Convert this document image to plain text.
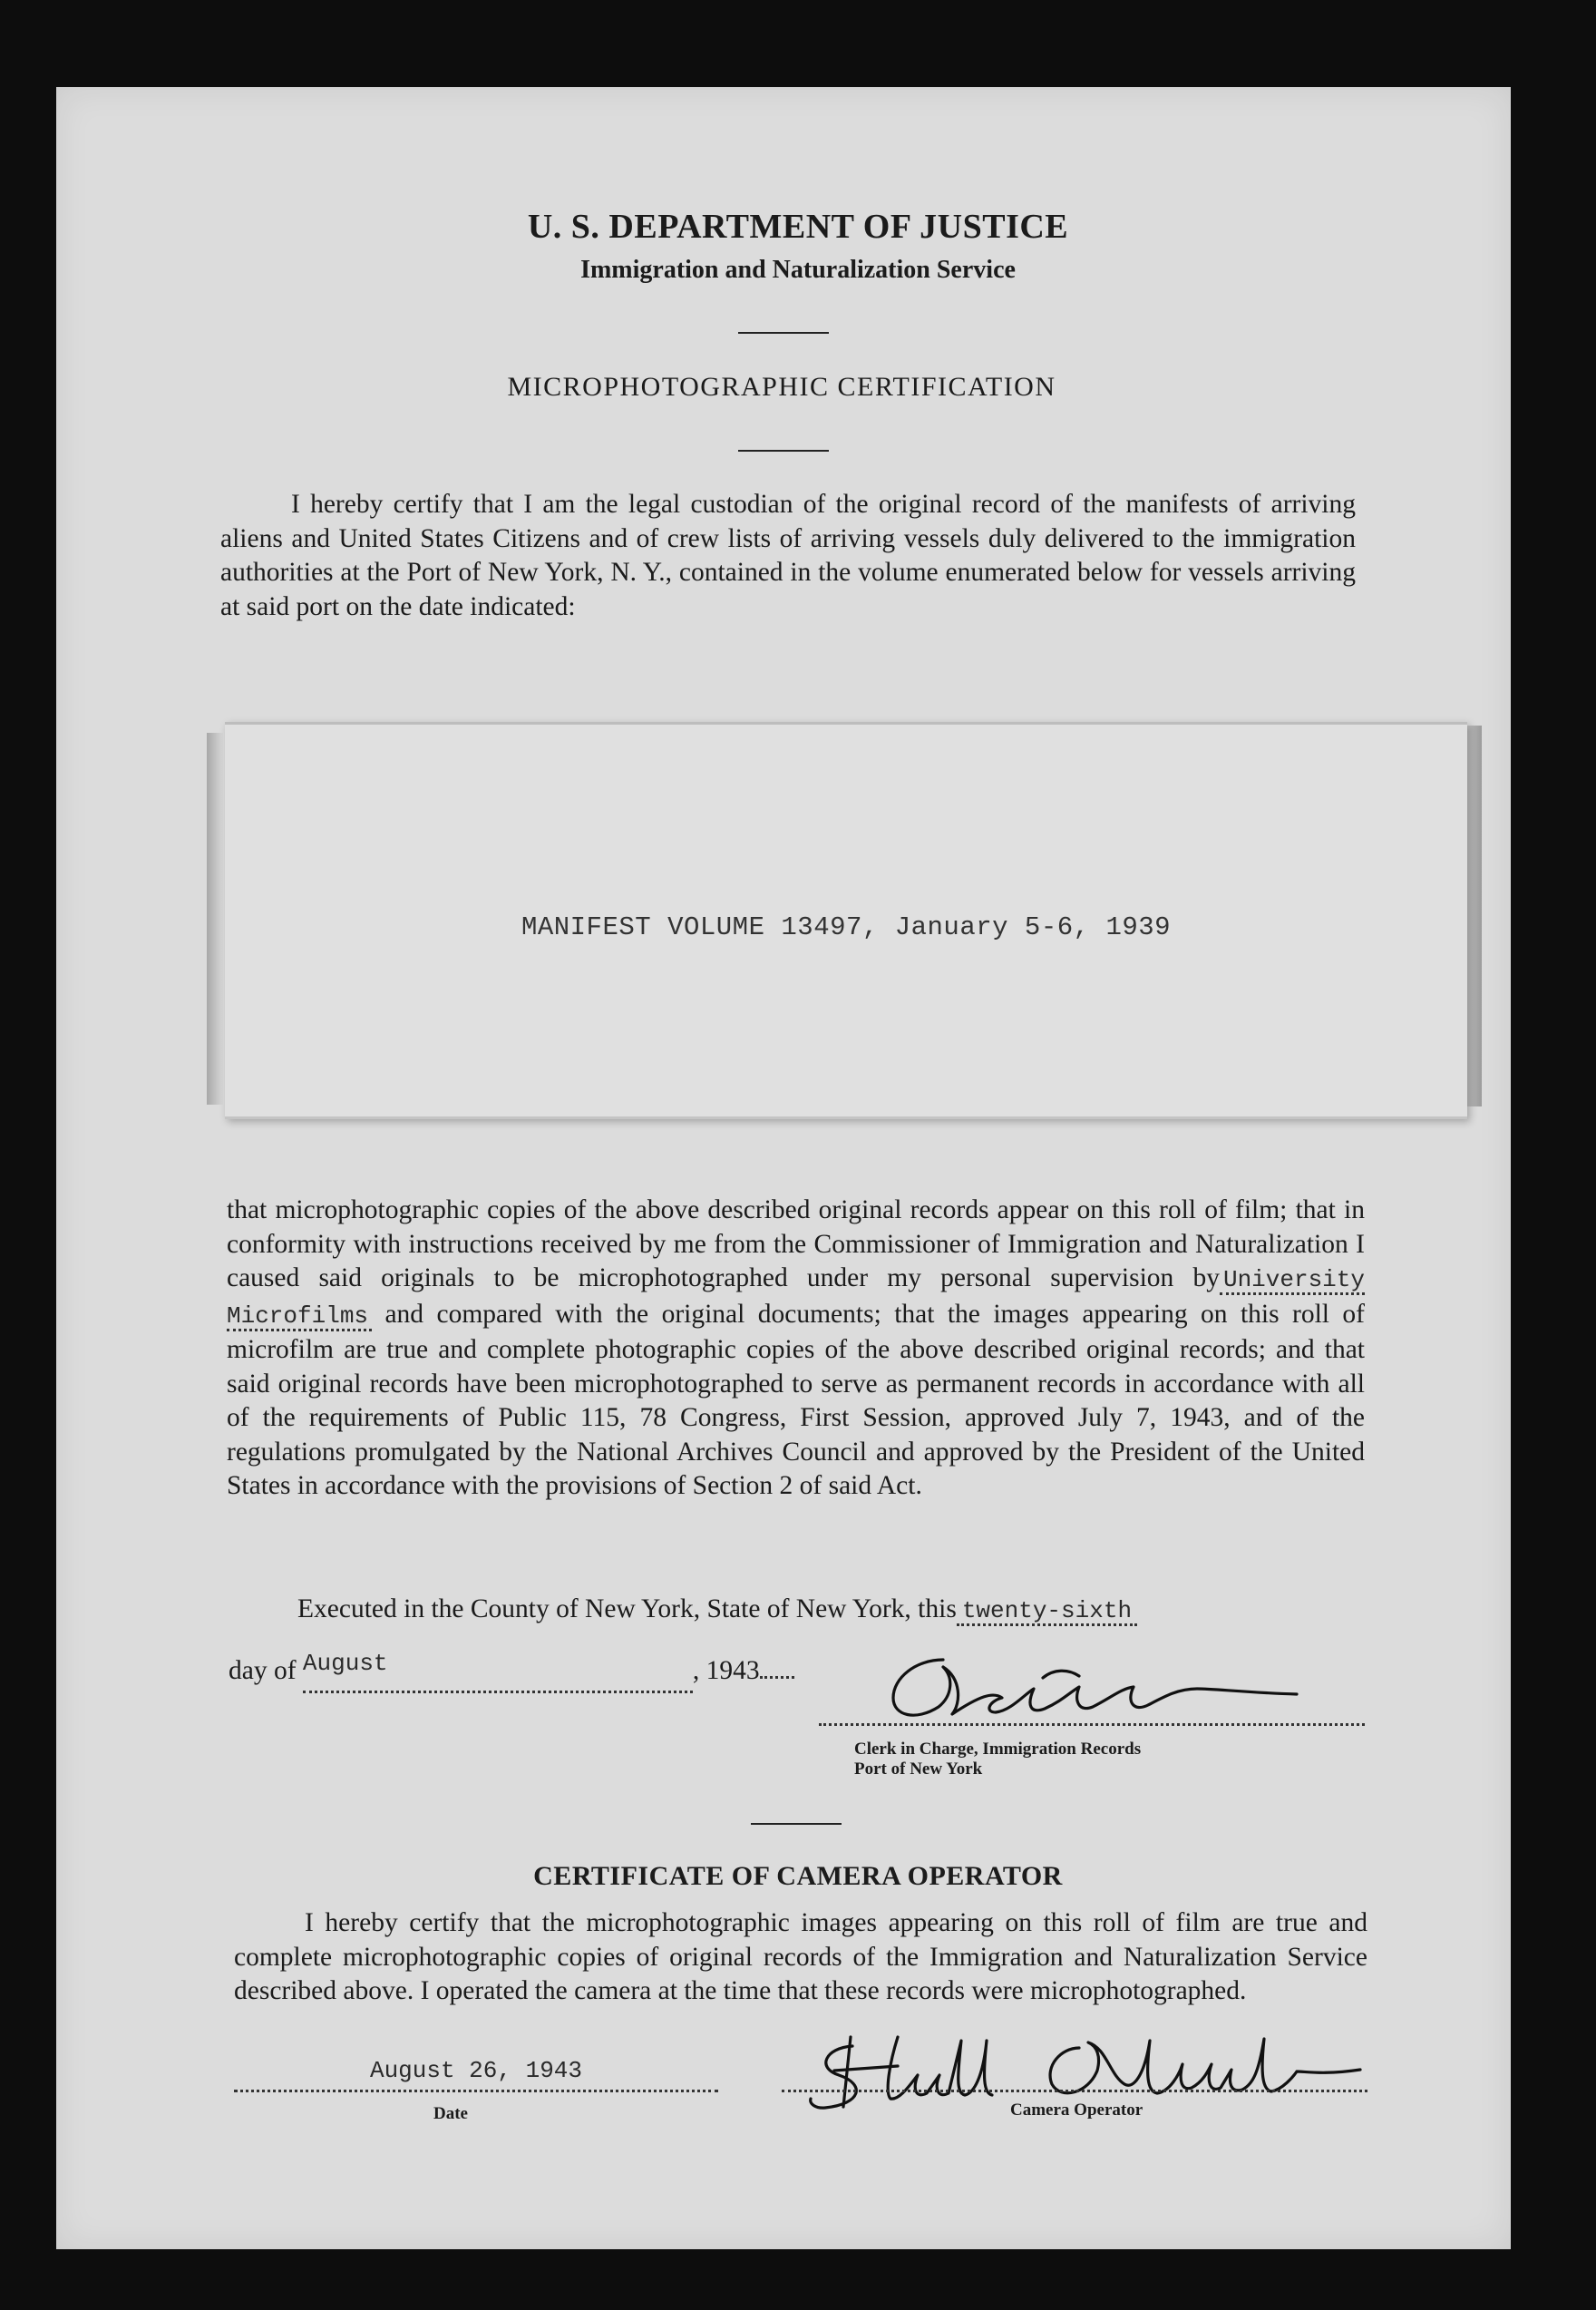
U. S. DEPARTMENT OF JUSTICE
Immigration and Naturalization Service
MICROPHOTOGRAPHIC CERTIFICATION
I hereby certify that I am the legal custodian of the original record of the manifests of arriving aliens and United States Citizens and of crew lists of arriving vessels duly delivered to the immigration authorities at the Port of New York, N. Y., contained in the volume enumerated below for vessels arriving at said port on the date indicated:
MANIFEST VOLUME 13497, January 5-6, 1939
that microphotographic copies of the above described original records appear on this roll of film; that in conformity with instructions received by me from the Commissioner of Immigration and Naturalization I caused said originals to be microphotographed under my personal supervision by University Microfilms and compared with the original documents; that the images appearing on this roll of microfilm are true and complete photographic copies of the above described original records; and that said original records have been microphotographed to serve as permanent records in accordance with all of the requirements of Public 115, 78 Congress, First Session, approved July 7, 1943, and of the regulations promulgated by the National Archives Council and approved by the President of the United States in accordance with the provisions of Section 2 of said Act.
Executed in the County of New York, State of New York, this twenty-sixth
day of August	, 1943
Clerk in Charge, Immigration Records
Port of New York
CERTIFICATE OF CAMERA OPERATOR
I hereby certify that the microphotographic images appearing on this roll of film are true and complete microphotographic copies of original records of the Immigration and Naturalization Service described above. I operated the camera at the time that these records were microphotographed.
August 26, 1943
Date	Camera Operator
